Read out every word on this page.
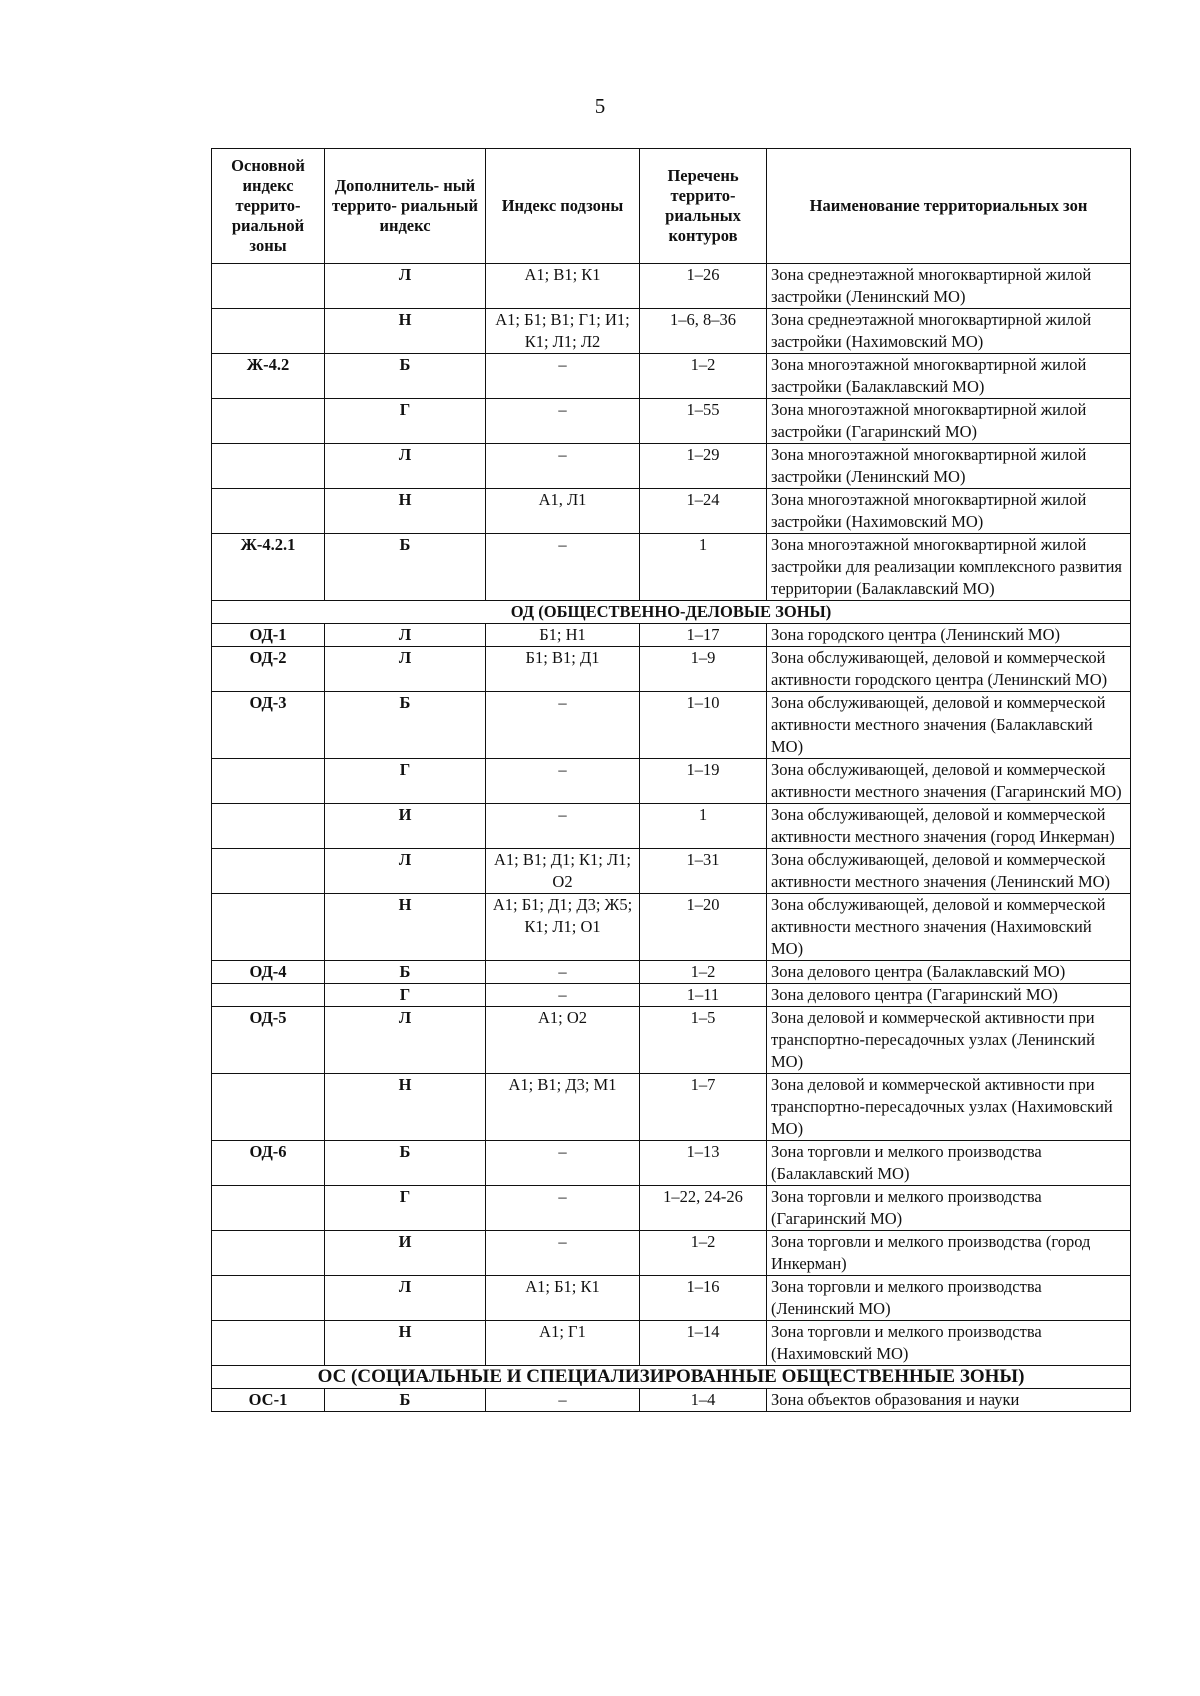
5
Основной индекс террито- риальной зоны	Дополнитель- ный террито- риальный индекс	Индекс подзоны	Перечень террито- риальных контуров	Наименование территориальных зон
	Л	А1; В1; К1	1–26	Зона среднеэтажной многоквартирной жилой застройки (Ленинский МО)
	Н	А1; Б1; В1; Г1; И1; К1; Л1; Л2	1–6, 8–36	Зона среднеэтажной многоквартирной жилой застройки (Нахимовский МО)
Ж-4.2	Б	–	1–2	Зона многоэтажной многоквартирной жилой застройки (Балаклавский МО)
	Г	–	1–55	Зона многоэтажной многоквартирной жилой застройки (Гагаринский МО)
	Л	–	1–29	Зона многоэтажной многоквартирной жилой застройки (Ленинский МО)
	Н	А1, Л1	1–24	Зона многоэтажной многоквартирной жилой застройки (Нахимовский МО)
Ж-4.2.1	Б	–	1	Зона многоэтажной многоквартирной жилой застройки для реализации комплексного развития территории (Балаклавский МО)
ОД (ОБЩЕСТВЕННО-ДЕЛОВЫЕ ЗОНЫ)				
ОД-1	Л	Б1; Н1	1–17	Зона городского центра (Ленинский МО)
ОД-2	Л	Б1; В1; Д1	1–9	Зона обслуживающей, деловой и коммерческой активности городского центра (Ленинский МО)
ОД-3	Б	–	1–10	Зона обслуживающей, деловой и коммерческой активности местного значения (Балаклавский МО)
	Г	–	1–19	Зона обслуживающей, деловой и коммерческой активности местного значения (Гагаринский МО)
	И	–	1	Зона обслуживающей, деловой и коммерческой активности местного значения (город Инкерман)
	Л	А1; В1; Д1; К1; Л1; О2	1–31	Зона обслуживающей, деловой и коммерческой активности местного значения (Ленинский МО)
	Н	А1; Б1; Д1; Д3; Ж5; К1; Л1; О1	1–20	Зона обслуживающей, деловой и коммерческой активности местного значения (Нахимовский МО)
ОД-4	Б	–	1–2	Зона делового центра (Балаклавский МО)
	Г	–	1–11	Зона делового центра (Гагаринский МО)
ОД-5	Л	А1; О2	1–5	Зона деловой и коммерческой активности при транспортно-пересадочных узлах (Ленинский МО)
	Н	А1; В1; Д3; М1	1–7	Зона деловой и коммерческой активности при транспортно-пересадочных узлах (Нахимовский МО)
ОД-6	Б	–	1–13	Зона торговли и мелкого производства (Балаклавский МО)
	Г	–	1–22, 24-26	Зона торговли и мелкого производства (Гагаринский МО)
	И	–	1–2	Зона торговли и мелкого производства (город Инкерман)
	Л	А1; Б1; К1	1–16	Зона торговли и мелкого производства (Ленинский МО)
	Н	А1; Г1	1–14	Зона торговли и мелкого производства (Нахимовский МО)
ОС (СОЦИАЛЬНЫЕ И СПЕЦИАЛИЗИРОВАННЫЕ ОБЩЕСТВЕННЫЕ ЗОНЫ)				
ОС-1	Б	–	1–4	Зона объектов образования и науки
